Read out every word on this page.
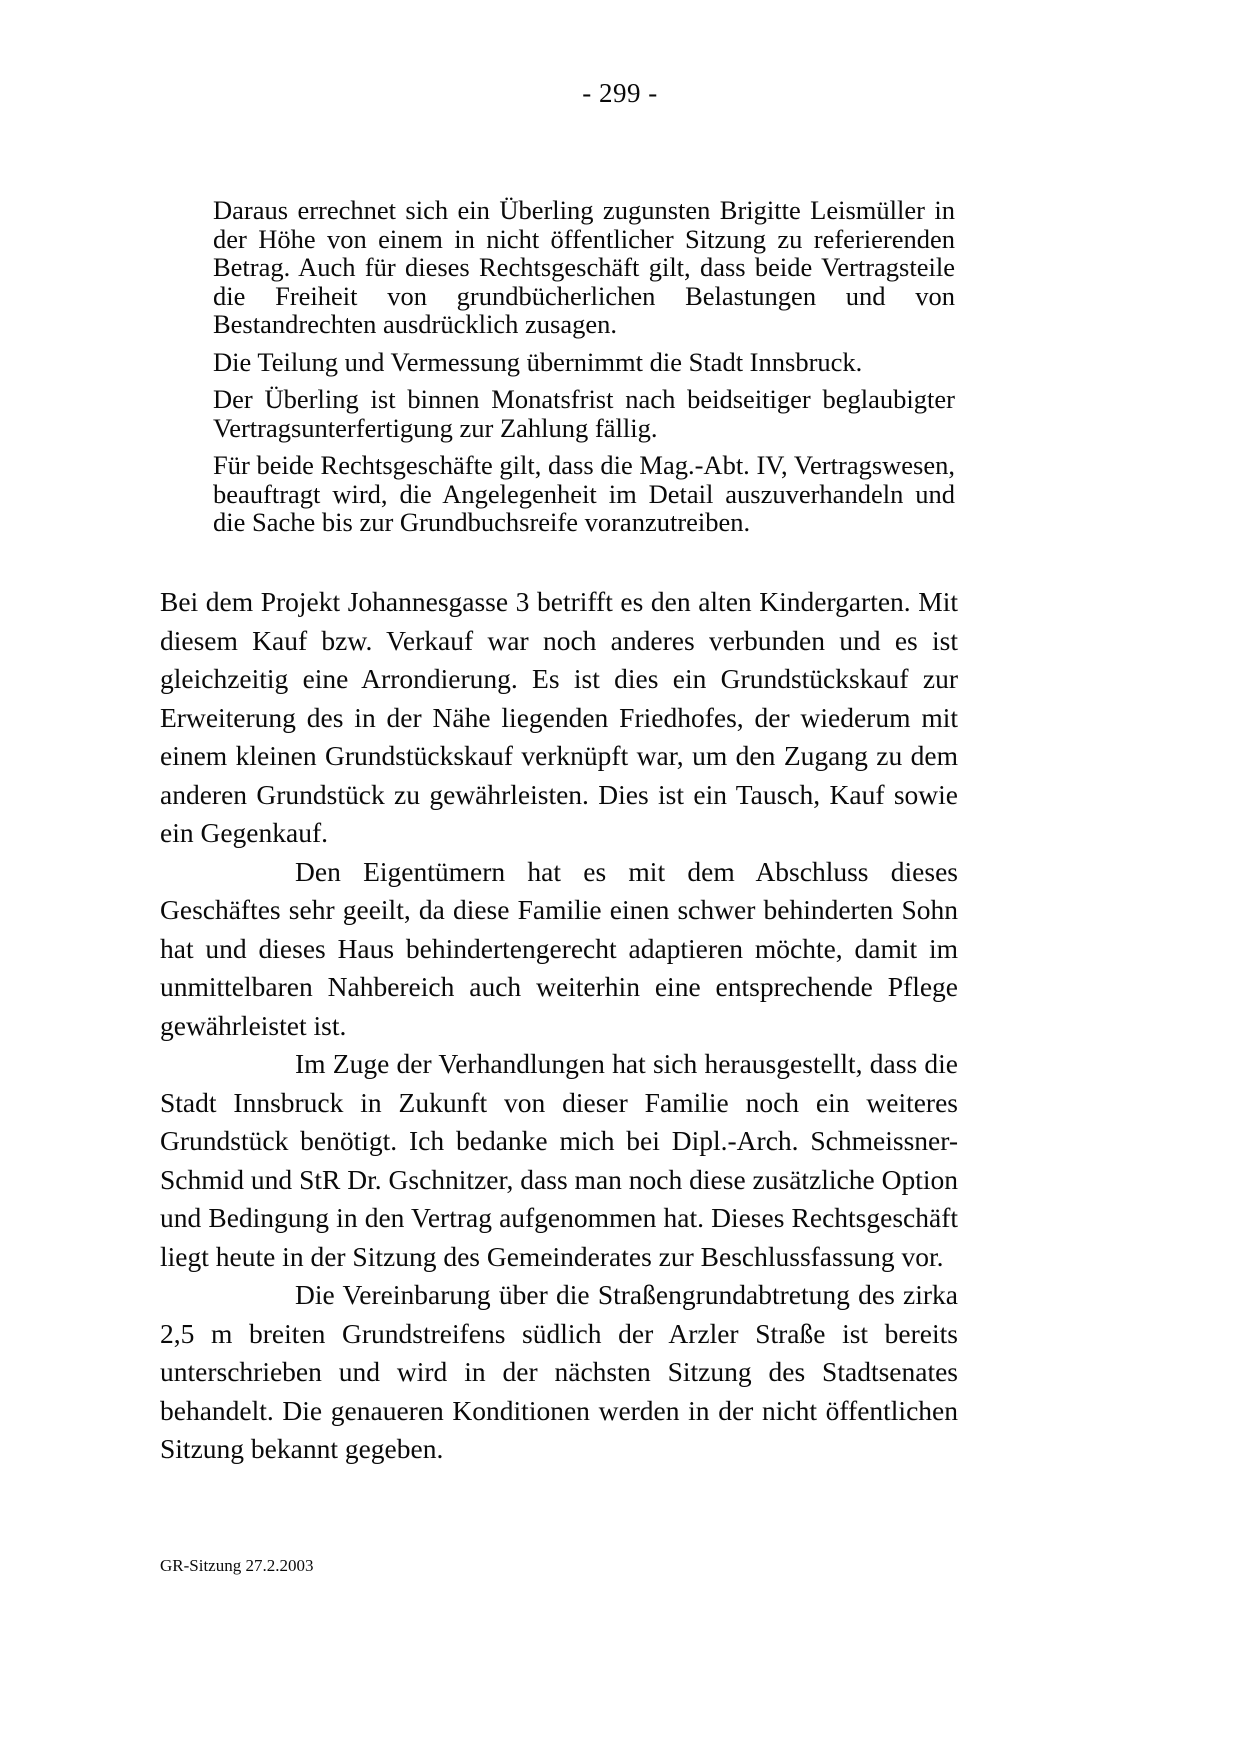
- 299 -

Daraus errechnet sich ein Überling zugunsten Brigitte Leismüller in der Höhe von einem in nicht öffentlicher Sitzung zu referierenden Betrag. Auch für dieses Rechtsgeschäft gilt, dass beide Vertragsteile die Freiheit von grundbücherlichen Belastungen und von Bestandrechten ausdrücklich zusagen.

Die Teilung und Vermessung übernimmt die Stadt Innsbruck.

Der Überling ist binnen Monatsfrist nach beidseitiger beglaubigter Vertragsunterfertigung zur Zahlung fällig.

Für beide Rechtsgeschäfte gilt, dass die Mag.-Abt. IV, Vertragswesen, beauftragt wird, die Angelegenheit im Detail auszuverhandeln und die Sache bis zur Grundbuchsreife voranzutreiben.

Bei dem Projekt Johannesgasse 3 betrifft es den alten Kindergarten. Mit diesem Kauf bzw. Verkauf war noch anderes verbunden und es ist gleichzeitig eine Arrondierung. Es ist dies ein Grundstückskauf zur Erweiterung des in der Nähe liegenden Friedhofes, der wiederum mit einem kleinen Grundstückskauf verknüpft war, um den Zugang zu dem anderen Grundstück zu gewährleisten. Dies ist ein Tausch, Kauf sowie ein Gegenkauf.

Den Eigentümern hat es mit dem Abschluss dieses Geschäftes sehr geeilt, da diese Familie einen schwer behinderten Sohn hat und dieses Haus behindertengerecht adaptieren möchte, damit im unmittelbaren Nahbereich auch weiterhin eine entsprechende Pflege gewährleistet ist.

Im Zuge der Verhandlungen hat sich herausgestellt, dass die Stadt Innsbruck in Zukunft von dieser Familie noch ein weiteres Grundstück benötigt. Ich bedanke mich bei Dipl.-Arch. Schmeissner-Schmid und StR Dr. Gschnitzer, dass man noch diese zusätzliche Option und Bedingung in den Vertrag aufgenommen hat. Dieses Rechtsgeschäft liegt heute in der Sitzung des Gemeinderates zur Beschlussfassung vor.

Die Vereinbarung über die Straßengrundabtretung des zirka 2,5 m breiten Grundstreifens südlich der Arzler Straße ist bereits unterschrieben und wird in der nächsten Sitzung des Stadtsenates behandelt. Die genaueren Konditionen werden in der nicht öffentlichen Sitzung bekannt gegeben.

GR-Sitzung 27.2.2003
